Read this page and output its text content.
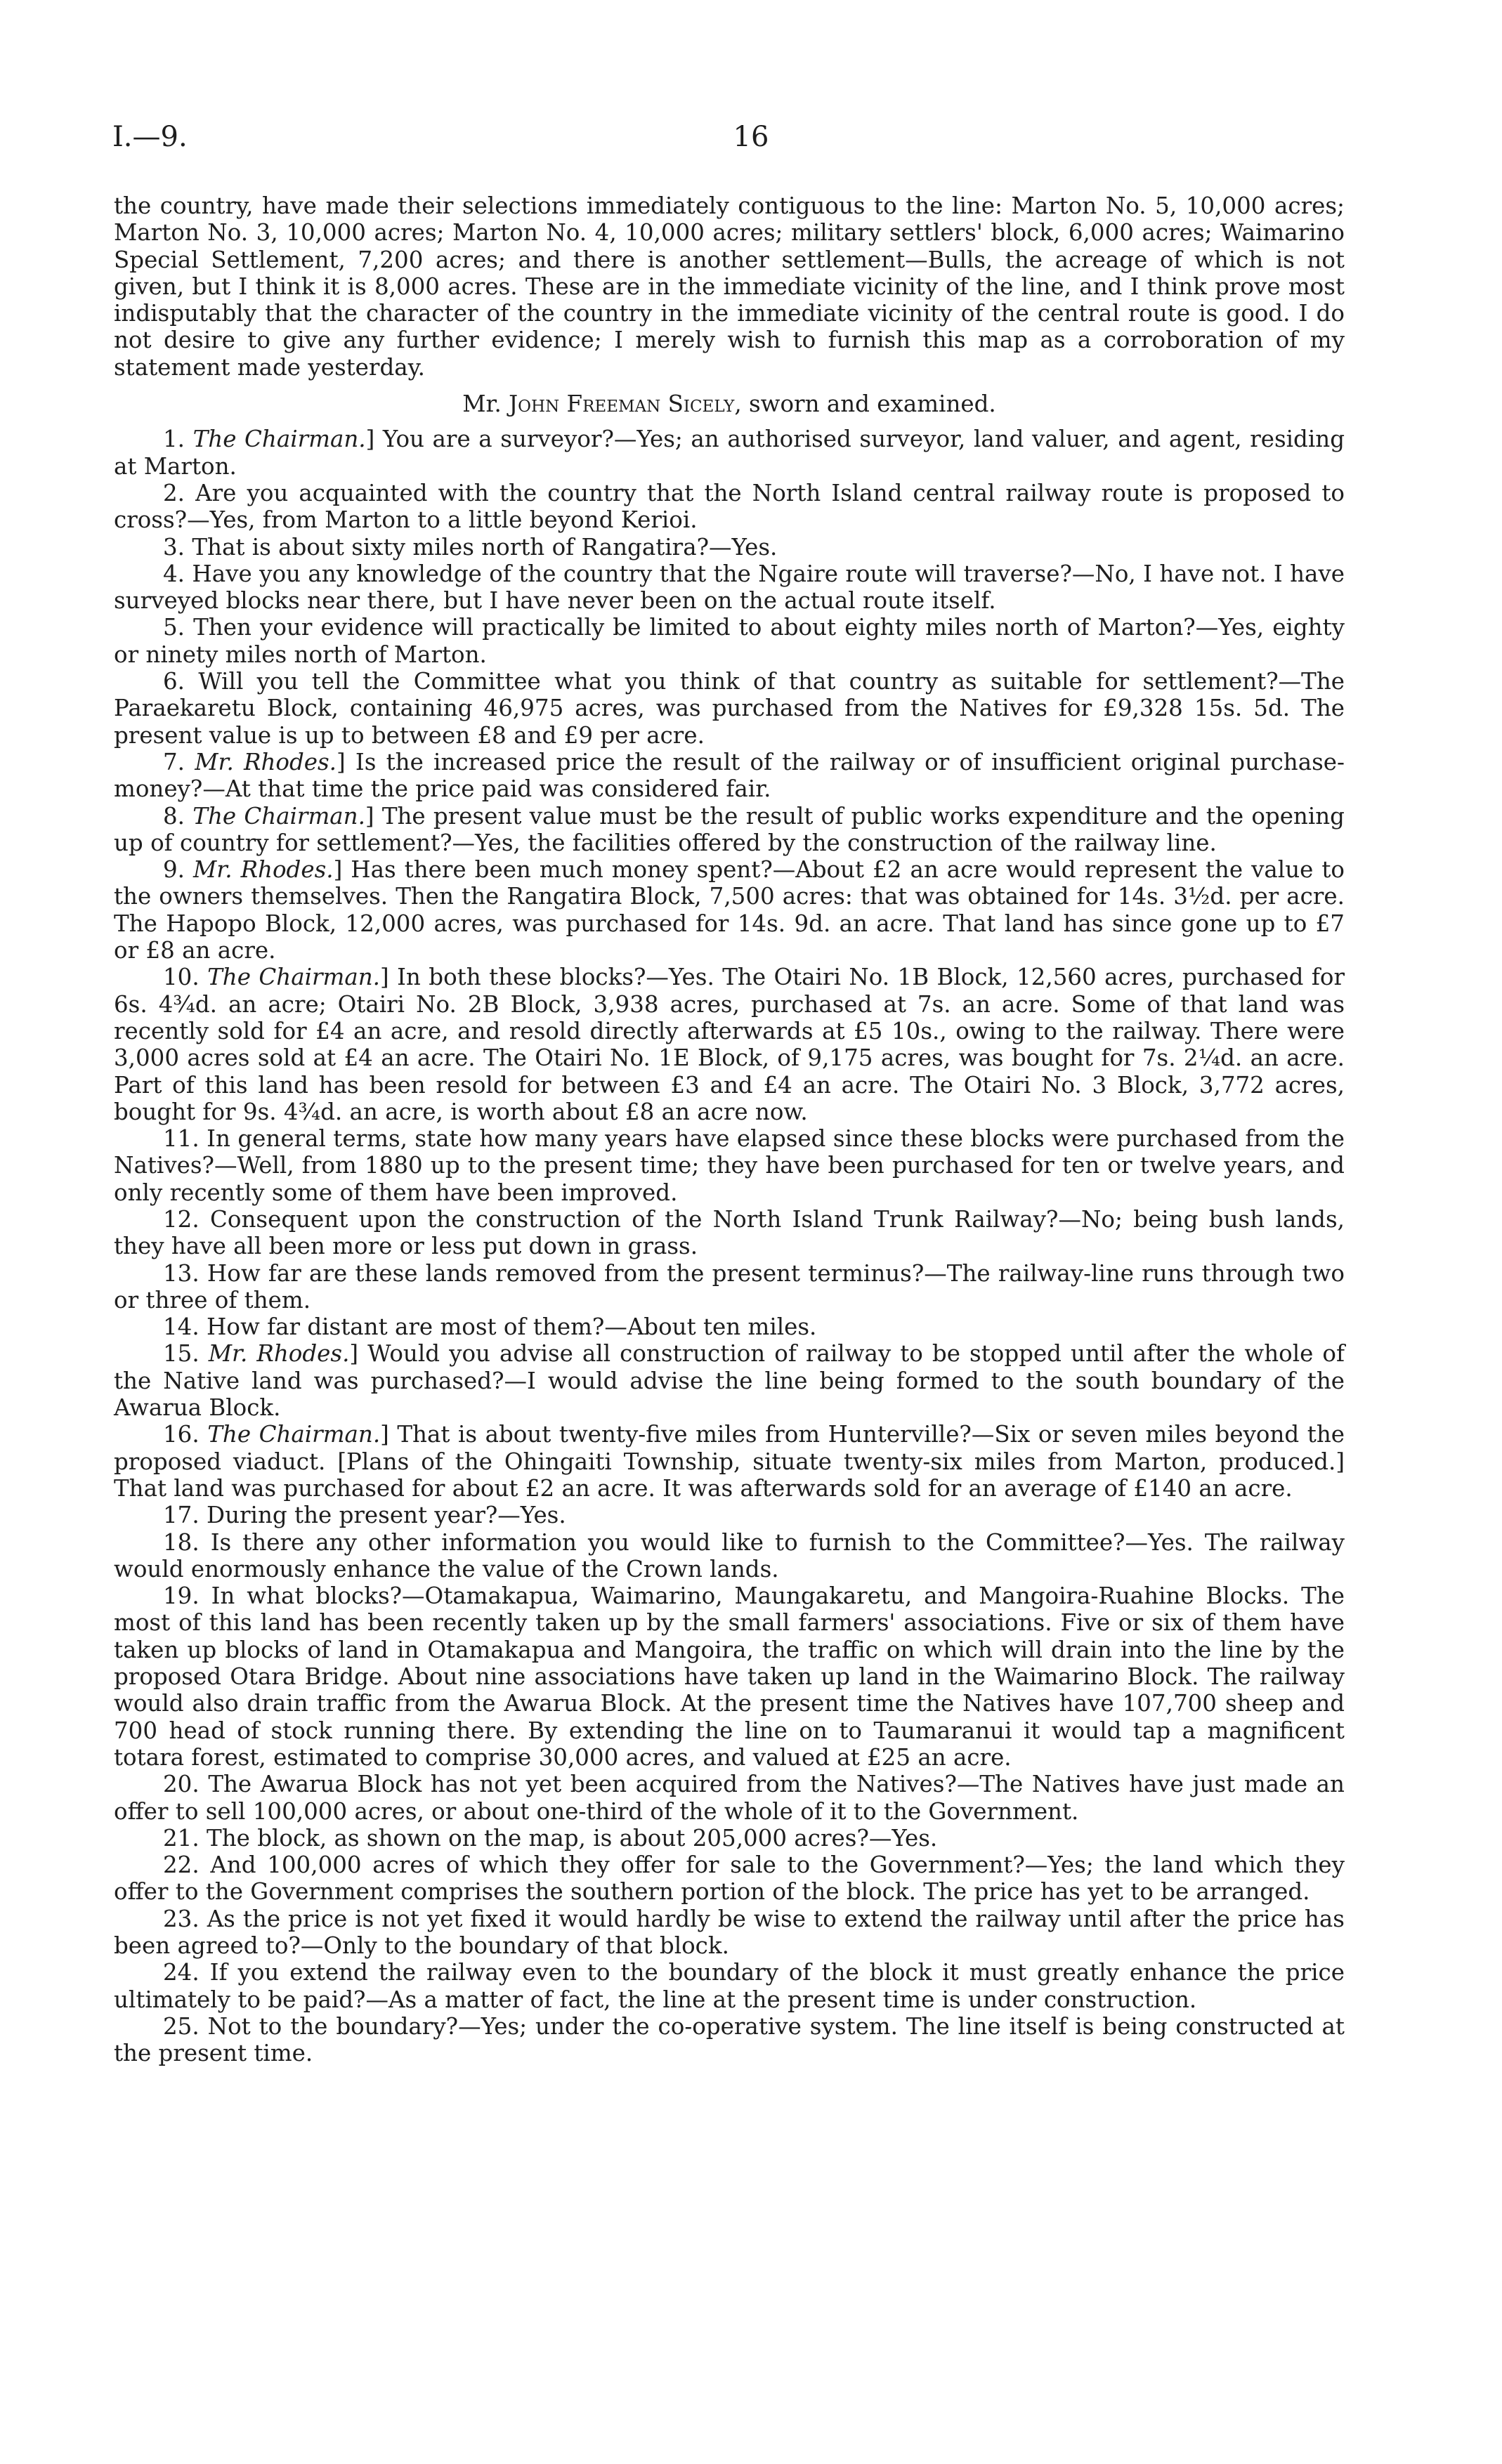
I.—9.	16

the country, have made their selections immediately contiguous to the line: Marton No. 5, 10,000 acres; Marton No. 3, 10,000 acres; Marton No. 4, 10,000 acres; military settlers' block, 6,000 acres; Waimarino Special Settlement, 7,200 acres; and there is another settlement—Bulls, the acreage of which is not given, but I think it is 8,000 acres. These are in the immediate vicinity of the line, and I think prove most indisputably that the character of the country in the immediate vicinity of the central route is good. I do not desire to give any further evidence; I merely wish to furnish this map as a corroboration of my statement made yesterday.

Mr. John Freeman Sicely, sworn and examined.

1. The Chairman.] You are a surveyor?—Yes; an authorised surveyor, land valuer, and agent, residing at Marton.

2. Are you acquainted with the country that the North Island central railway route is proposed to cross?—Yes, from Marton to a little beyond Kerioi.

3. That is about sixty miles north of Rangatira?—Yes.

4. Have you any knowledge of the country that the Ngaire route will traverse?—No, I have not. I have surveyed blocks near there, but I have never been on the actual route itself.

5. Then your evidence will practically be limited to about eighty miles north of Marton?—Yes, eighty or ninety miles north of Marton.

6. Will you tell the Committee what you think of that country as suitable for settlement?—The Paraekaretu Block, containing 46,975 acres, was purchased from the Natives for £9,328 15s. 5d. The present value is up to between £8 and £9 per acre.

7. Mr. Rhodes.] Is the increased price the result of the railway or of insufficient original purchase-money?—At that time the price paid was considered fair.

8. The Chairman.] The present value must be the result of public works expenditure and the opening up of country for settlement?—Yes, the facilities offered by the construction of the railway line.

9. Mr. Rhodes.] Has there been much money spent?—About £2 an acre would represent the value to the owners themselves. Then the Rangatira Block, 7,500 acres: that was obtained for 14s. 3½d. per acre. The Hapopo Block, 12,000 acres, was purchased for 14s. 9d. an acre. That land has since gone up to £7 or £8 an acre.

10. The Chairman.] In both these blocks?—Yes. The Otairi No. 1B Block, 12,560 acres, purchased for 6s. 4¾d. an acre; Otairi No. 2B Block, 3,938 acres, purchased at 7s. an acre. Some of that land was recently sold for £4 an acre, and resold directly afterwards at £5 10s., owing to the railway. There were 3,000 acres sold at £4 an acre. The Otairi No. 1E Block, of 9,175 acres, was bought for 7s. 2¼d. an acre. Part of this land has been resold for between £3 and £4 an acre. The Otairi No. 3 Block, 3,772 acres, bought for 9s. 4¾d. an acre, is worth about £8 an acre now.

11. In general terms, state how many years have elapsed since these blocks were purchased from the Natives?—Well, from 1880 up to the present time; they have been purchased for ten or twelve years, and only recently some of them have been improved.

12. Consequent upon the construction of the North Island Trunk Railway?—No; being bush lands, they have all been more or less put down in grass.

13. How far are these lands removed from the present terminus?—The railway-line runs through two or three of them.

14. How far distant are most of them?—About ten miles.

15. Mr. Rhodes.] Would you advise all construction of railway to be stopped until after the whole of the Native land was purchased?—I would advise the line being formed to the south boundary of the Awarua Block.

16. The Chairman.] That is about twenty-five miles from Hunterville?—Six or seven miles beyond the proposed viaduct. [Plans of the Ohingaiti Township, situate twenty-six miles from Marton, produced.] That land was purchased for about £2 an acre. It was afterwards sold for an average of £140 an acre.

17. During the present year?—Yes.

18. Is there any other information you would like to furnish to the Committee?—Yes. The railway would enormously enhance the value of the Crown lands.

19. In what blocks?—Otamakapua, Waimarino, Maungakaretu, and Mangoira-Ruahine Blocks. The most of this land has been recently taken up by the small farmers' associations. Five or six of them have taken up blocks of land in Otamakapua and Mangoira, the traffic on which will drain into the line by the proposed Otara Bridge. About nine associations have taken up land in the Waimarino Block. The railway would also drain traffic from the Awarua Block. At the present time the Natives have 107,700 sheep and 700 head of stock running there. By extending the line on to Taumaranui it would tap a magnificent totara forest, estimated to comprise 30,000 acres, and valued at £25 an acre.

20. The Awarua Block has not yet been acquired from the Natives?—The Natives have just made an offer to sell 100,000 acres, or about one-third of the whole of it to the Government.

21. The block, as shown on the map, is about 205,000 acres?—Yes.

22. And 100,000 acres of which they offer for sale to the Government?—Yes; the land which they offer to the Government comprises the southern portion of the block. The price has yet to be arranged.

23. As the price is not yet fixed it would hardly be wise to extend the railway until after the price has been agreed to?—Only to the boundary of that block.

24. If you extend the railway even to the boundary of the block it must greatly enhance the price ultimately to be paid?—As a matter of fact, the line at the present time is under construction.

25. Not to the boundary?—Yes; under the co-operative system. The line itself is being constructed at the present time.
